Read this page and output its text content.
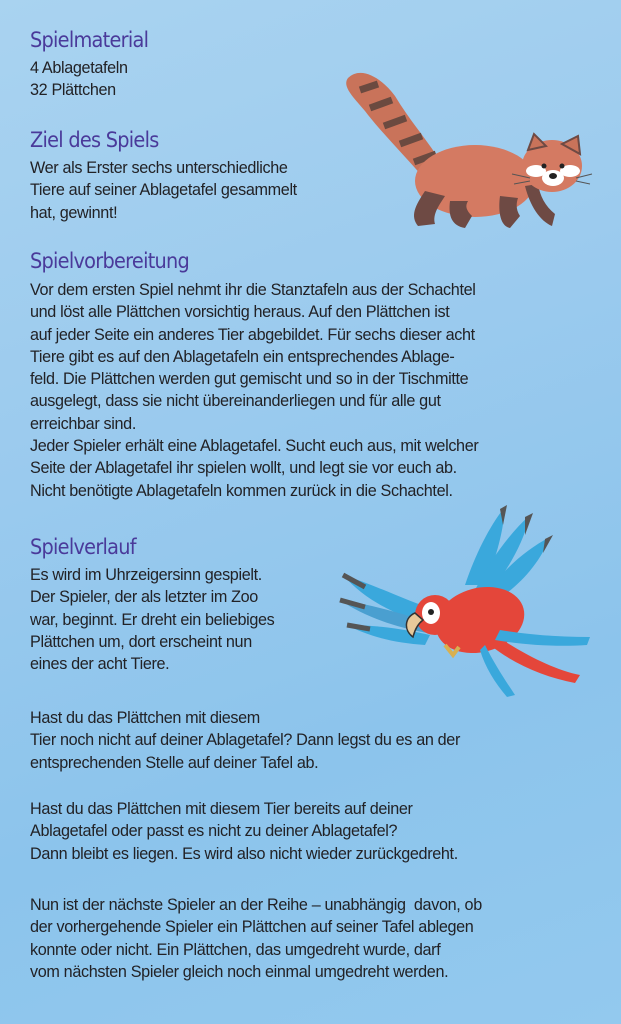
Spielmaterial

4 Ablagetafeln
32 Plättchen

Ziel des Spiels

Wer als Erster sechs unterschiedliche
Tiere auf seiner Ablagetafel gesammelt
hat, gewinnt!

Spielvorbereitung

Vor dem ersten Spiel nehmt ihr die Stanztafeln aus der Schachtel
und löst alle Plättchen vorsichtig heraus. Auf den Plättchen ist
auf jeder Seite ein anderes Tier abgebildet. Für sechs dieser acht
Tiere gibt es auf den Ablagetafeln ein entsprechendes Ablage-
feld. Die Plättchen werden gut gemischt und so in der Tischmitte
ausgelegt, dass sie nicht übereinanderliegen und für alle gut
erreichbar sind.
Jeder Spieler erhält eine Ablagetafel. Sucht euch aus, mit welcher
Seite der Ablagetafel ihr spielen wollt, und legt sie vor euch ab.
Nicht benötigte Ablagetafeln kommen zurück in die Schachtel.

Spielverlauf

Es wird im Uhrzeigersinn gespielt.
Der Spieler, der als letzter im Zoo
war, beginnt. Er dreht ein beliebiges
Plättchen um, dort erscheint nun
eines der acht Tiere.

Hast du das Plättchen mit diesem
Tier noch nicht auf deiner Ablagetafel? Dann legst du es an der
entsprechenden Stelle auf deiner Tafel ab.

Hast du das Plättchen mit diesem Tier bereits auf deiner
Ablagetafel oder passt es nicht zu deiner Ablagetafel?
Dann bleibt es liegen. Es wird also nicht wieder zurückgedreht.

Nun ist der nächste Spieler an der Reihe – unabhängig  davon, ob
der vorhergehende Spieler ein Plättchen auf seiner Tafel ablegen
konnte oder nicht. Ein Plättchen, das umgedreht wurde, darf
vom nächsten Spieler gleich noch einmal umgedreht werden.
